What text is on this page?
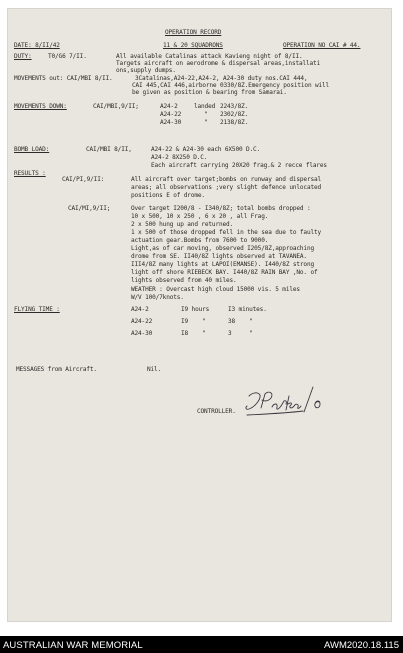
OPERATION RECORD
DATE: 8/II/42	11 & 20 SQUADRONS	OPERATION NO CAI # 44.
DUTY:	T0/G6 7/II.	All available Catalinas attack Kavieng night of 8/II.
Targets aircraft on aerodrome & dispersal areas,installati
ons,supply dumps.
MOVEMENTS out: CAI/MBI 8/II.	3Catalinas,A24-22,A24-2, A24-30 duty nos.CAI 444,
CAI 445,CAI 446,airborne 0330/8Z.Emergency position will
be given as position & bearing from Samarai.
MOVEMENTS DOWN:	CAI/MBI,9/II;	A24-2	landed 2243/8Z.
A24-22	" 2302/8Z.
A24-30	" 2138/8Z.
BOMB LOAD:	CAI/MBI 8/II,	A24-22 & A24-30 each 6X500 D.C.
A24-2 8X250 D.C.
Each aircraft carrying 20X20 frag.& 2 recce flares
RESULTS :
CAI/PI,9/II:	All aircraft over target;bombs on runway and dispersal
areas; all observations ;very slight defence unlocated
positions E of drome.
CAI/MI,9/II;	Over target I200/8 - I340/8Z; total bombs dropped :
10 x 500, 10 x 250 , 6 x 20 , all Frag.
2 x 500 hung up and returned.
1 x 500 of those dropped fell in the sea due to faulty
actuation gear.Bombs from 7600 to 9000.
Light,as of car moving, observed I205/8Z,approaching
drome from SE. II40/8Z lights observed at TAVANEA.
III4/8Z many lights at LAPOI(EMANSE). I440/8Z strong
light off shore RIEBECK BAY. I440/8Z RAIN BAY ,No. of
lights observed from 40 miles.
WEATHER : Overcast high cloud 15000 vis. 5 miles
W/V 100/7knots.
FLYING TIME :	A24-2	I9 hours	I3 minutes.
A24-22	I9    "	38    "
A24-30	I8    "	3     "
MESSAGES from Aircraft.	Nil.
CONTROLLER.
AUSTRALIAN WAR MEMORIAL	AWM2020.18.115
